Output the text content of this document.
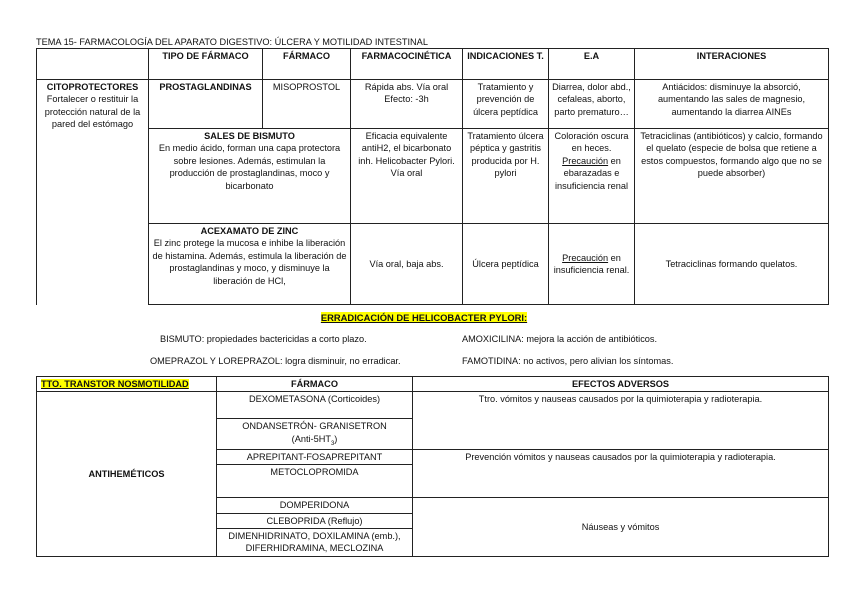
TEMA 15- FARMACOLOGÍA DEL APARATO DIGESTIVO: ÚLCERA Y MOTILIDAD INTESTINAL
	TIPO DE FÁRMACO	FÁRMACO	FARMACOCINÉTICA	INDICACIONES T.	E.A	INTERACIONES

CITOPROTECTORES
Fortalecer o restituir la protección natural de la pared del estómago	PROSTAGLANDINAS	MISOPROSTOL	Rápida abs. Vía oral Efecto: -3h	Tratamiento y prevención de úlcera peptídica	Diarrea, dolor abd., cefaleas, aborto, parto prematuro…	Antiácidos: disminuye la absorció, aumentando las sales de magnesio, aumentando la diarrea AINEs

	SALES DE BISMUTO
En medio ácido, forman una capa protectora sobre lesiones. Además, estimulan la producción de prostaglandinas, moco y bicarbonato		Eficacia equivalente antiH2, el bicarbonato inh. Helicobacter Pylori. Vía oral	Tratamiento úlcera péptica y gastritis producida por H. pylori	Coloración oscura en heces. Precaución en ebarazadas e insuficiencia renal	Tetraciclinas (antibióticos) y calcio, formando el quelato (especie de bolsa que retiene a estos compuestos, formando algo que no se puede absorber)

	ACEXAMATO DE ZINC
El zinc protege la mucosa e inhibe la liberación de histamina. Además, estimula la liberación de prostaglandinas y moco, y disminuye la liberación de HCl,		Vía oral, baja abs.	Úlcera peptídica	Precaución en insuficiencia renal.	Tetraciclinas formando quelatos.
ERRADICACIÓN DE HELICOBACTER PYLORI:
BISMUTO: propiedades bactericidas a corto plazo.	AMOXICILINA: mejora la acción de antibióticos.
OMEPRAZOL Y LOREPRAZOL: logra disminuir, no erradicar.	FAMOTIDINA: no activos, pero alivian los síntomas.
TTO. TRANSTOR NOSMOTILIDAD	FÁRMACO	EFECTOS ADVERSOS
ANTIHEMÉTICOS	DEXOMETASONA (Corticoides)	Ttro. vómitos y nauseas causados por la quimioterapia y radioterapia.
	ONDANSETRÓN- GRANISETRON
$(Anti-5HT_3)$	
	APREPITANT-FOSAPREPITANT	Prevención vómitos y nauseas causados por la quimioterapia y radioterapia.
	METOCLOPROMIDA	
	DOMPERIDONA	Náuseas y vómitos
	CLEBOPRIDA (Reflujo)	
	DIMENHIDRINATO, DOXILAMINA (emb.), DIFERHIDRAMINA, MECLOZINA	
